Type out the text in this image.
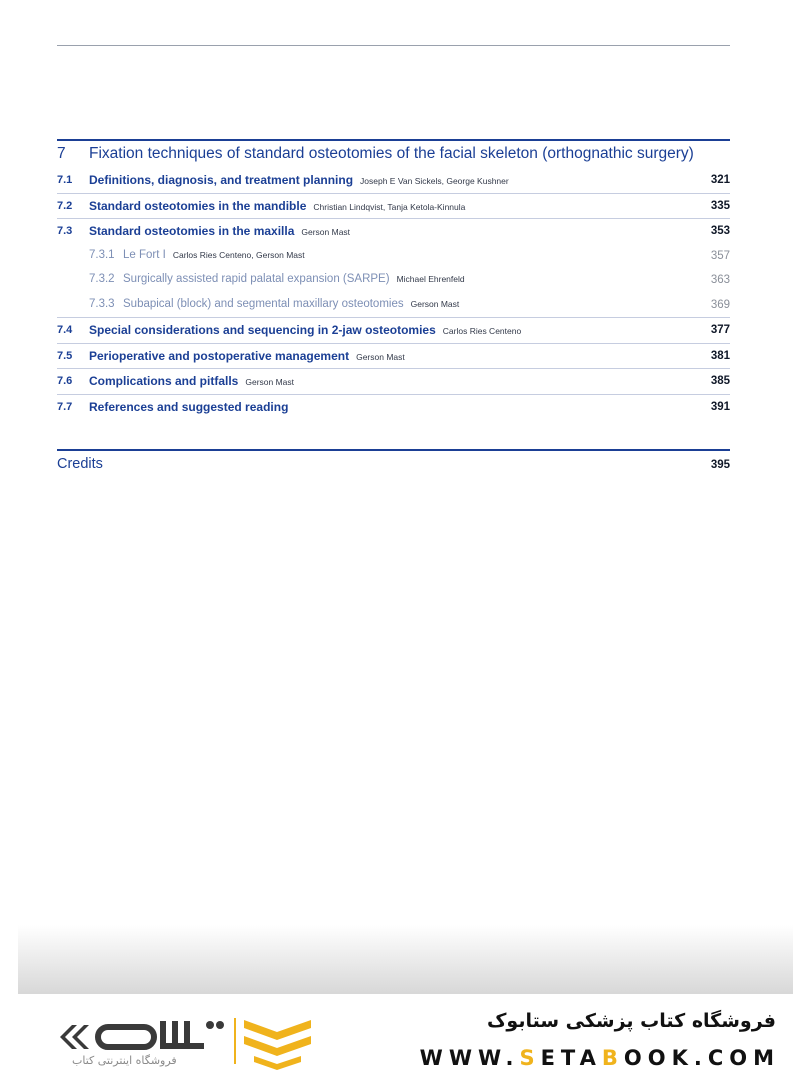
7 Fixation techniques of standard osteotomies of the facial skeleton (orthognathic surgery)
7.1 Definitions, diagnosis, and treatment planning Joseph E Van Sickels, George Kushner	321
7.2 Standard osteotomies in the mandible Christian Lindqvist, Tanja Ketola-Kinnula	335
7.3 Standard osteotomies in the maxilla Gerson Mast	353
7.3.1 Le Fort I Carlos Ries Centeno, Gerson Mast	357
7.3.2 Surgically assisted rapid palatal expansion (SARPE) Michael Ehrenfeld	363
7.3.3 Subapical (block) and segmental maxillary osteotomies Gerson Mast	369
7.4 Special considerations and sequencing in 2-jaw osteotomies Carlos Ries Centeno	377
7.5 Perioperative and postoperative management Gerson Mast	381
7.6 Complications and pitfalls Gerson Mast	385
7.7 References and suggested reading	391
Credits	395
فروشگاه اینترنتی کتاب
فروشگاه کتاب پزشکی ستابوک
WWW.SETABOOK.COM
